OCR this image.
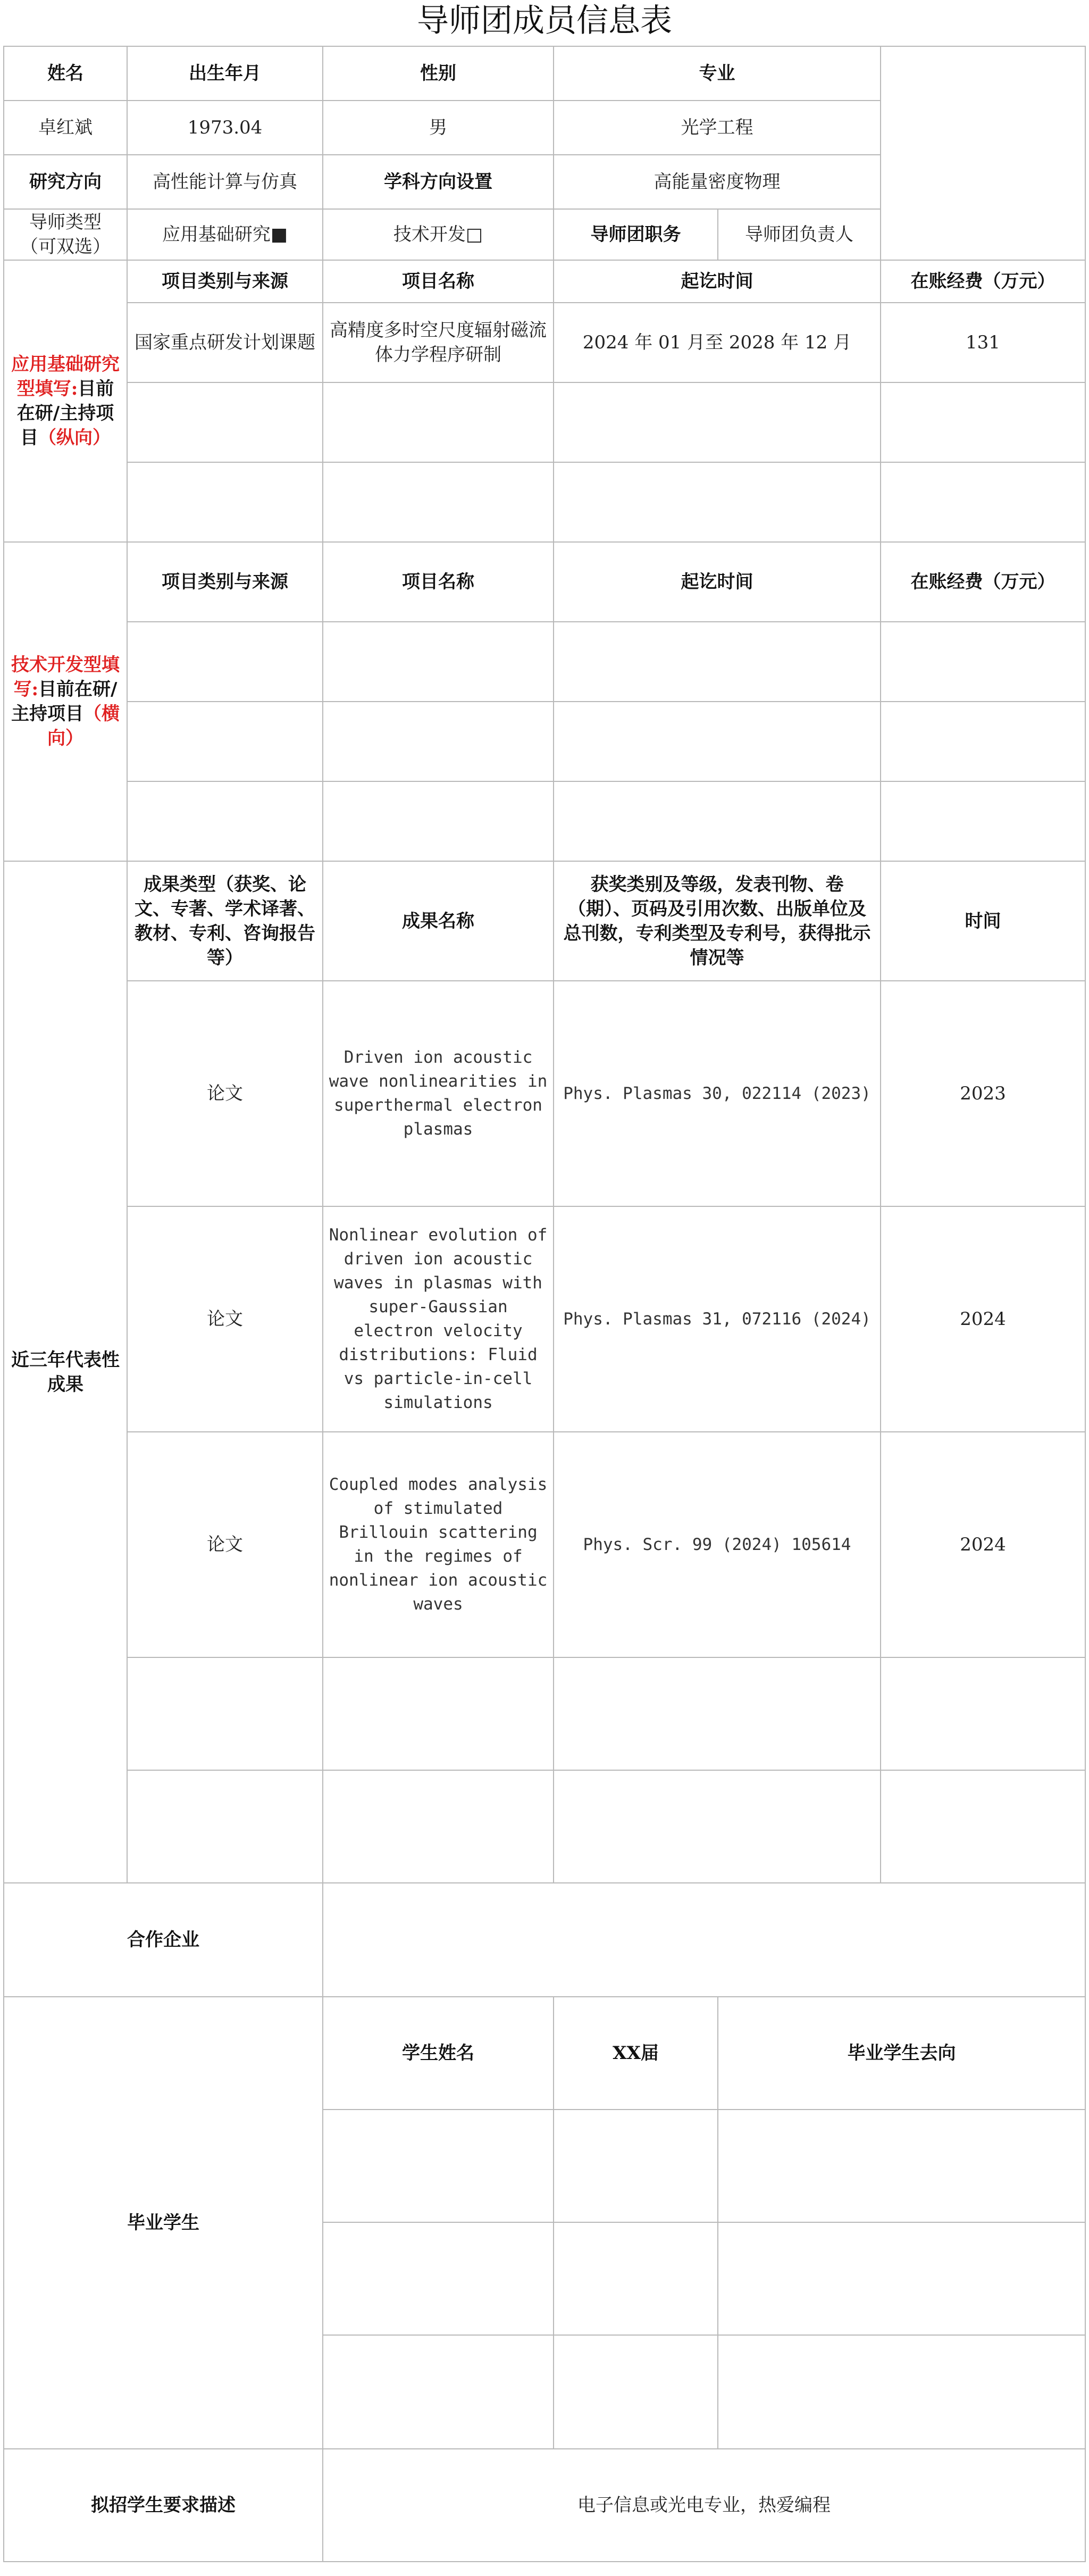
导师团成员信息表
姓名	出生年月	性别	专业		
卓红斌	1973.04	男	光学工程		
研究方向	高性能计算与仿真	学科方向设置	高能量密度物理		

导师类型
（可双选）	应用基础研究■	技术开发□	导师团职务	导师团负责人	
应用基础研究型填写:目前在研/主持项目（纵向）	项目类别与来源	项目名称	起讫时间		在账经费（万元）
	国家重点研发计划课题	高精度多时空尺度辐射磁流体力学程序研制	2024 年 01 月至 2028 年 12 月		131

技术开发型填写:目前在研/主持项目（横向）	项目类别与来源	项目名称	起讫时间		在账经费（万元）

近三年代表性成果	成果类型（获奖、论文、专著、学术译著、教材、专利、咨询报告等）	成果名称	获奖类别及等级，发表刊物、卷（期）、页码及引用次数、出版单位及总刊数，专利类型及专利号，获得批示情况等		时间
	论文	Driven ion acoustic wave nonlinearities in superthermal electron plasmas	Phys. Plasmas 30, 022114 (2023)		2023
	论文	Nonlinear evolution of driven ion acoustic waves in plasmas with super-Gaussian electron velocity distributions: Fluid vs particle-in-cell simulations	Phys. Plasmas 31, 072116 (2024)		2024
	论文	Coupled modes analysis of stimulated Brillouin scattering in the regimes of nonlinear ion acoustic waves	Phys. Scr. 99 (2024) 105614		2024

合作企业					
毕业学生		学生姓名	XX届	毕业学生去向	

拟招学生要求描述		电子信息或光电专业，热爱编程			
